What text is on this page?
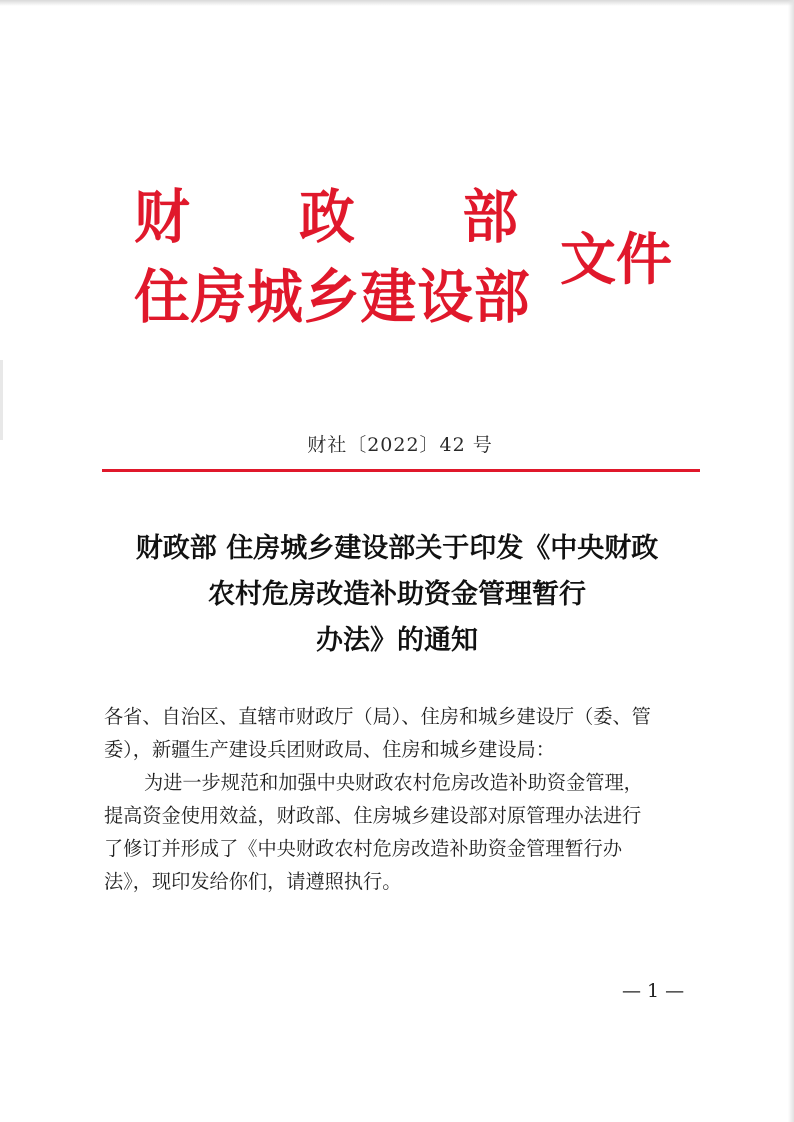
财 政 部
住房城乡建设部
文件
财社〔2022〕42 号
财政部 住房城乡建设部关于印发《中央财政
农村危房改造补助资金管理暂行
办法》的通知

各省、自治区、直辖市财政厅（局）、住房和城乡建设厅（委、管

委），新疆生产建设兵团财政局、住房和城乡建设局：

为进一步规范和加强中央财政农村危房改造补助资金管理，

提高资金使用效益，财政部、住房城乡建设部对原管理办法进行

了修订并形成了《中央财政农村危房改造补助资金管理暂行办

法》，现印发给你们，请遵照执行。

— 1 —
